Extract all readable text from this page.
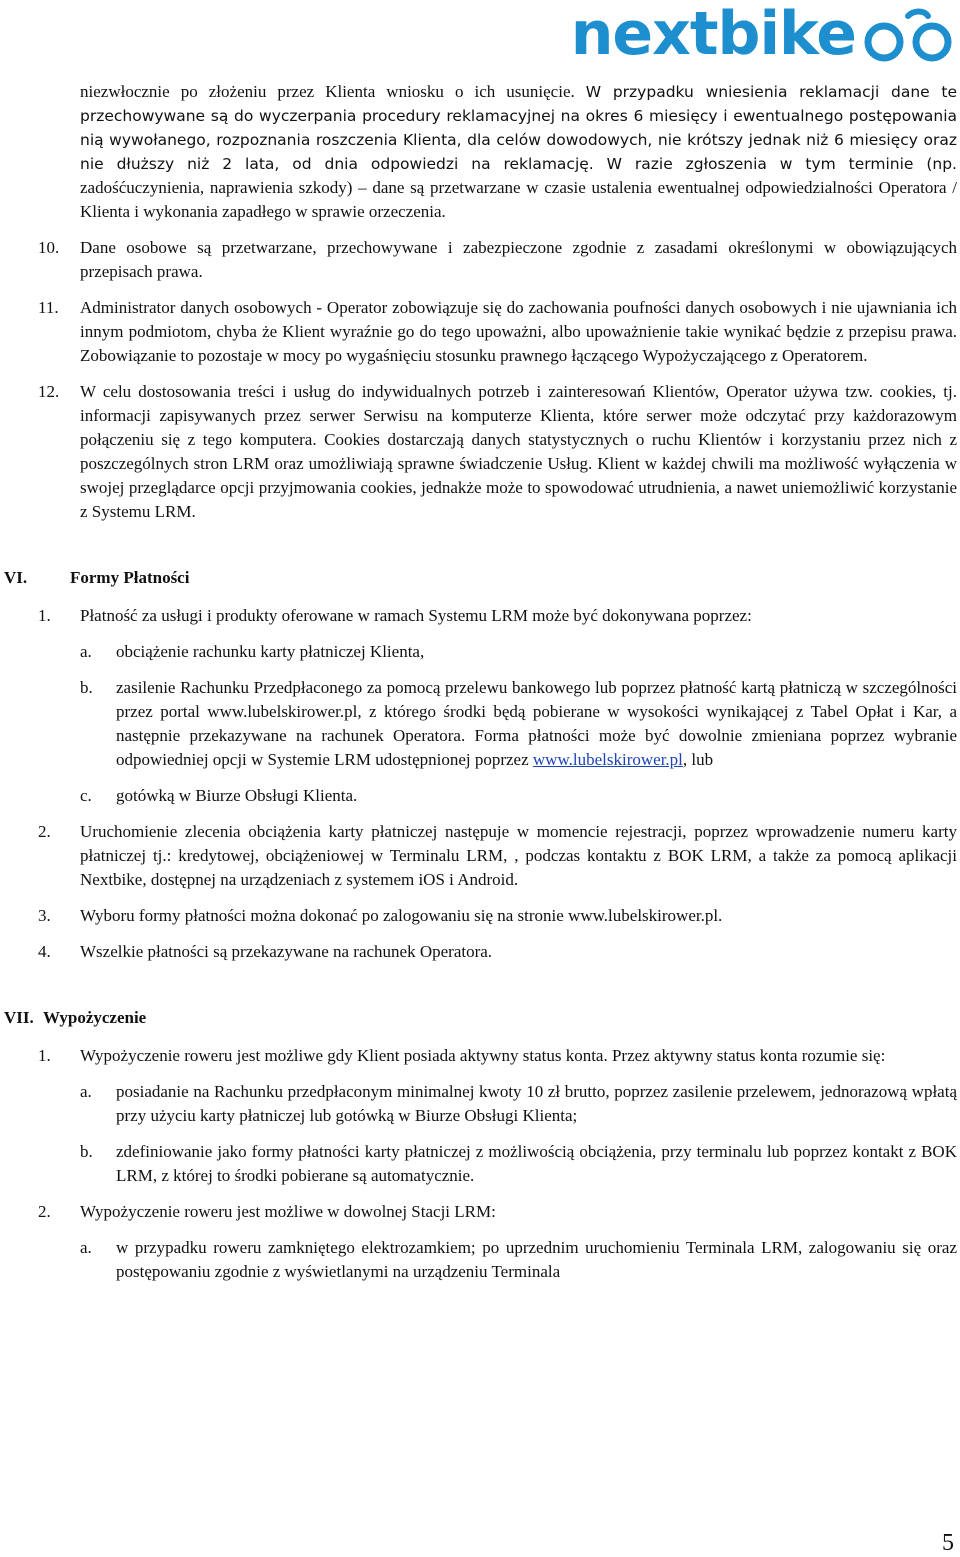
nextbike

niezwłocznie po złożeniu przez Klienta wniosku o ich usunięcie. W przypadku wniesienia reklamacji dane te przechowywane są do wyczerpania procedury reklamacyjnej na okres 6 miesięcy i ewentualnego postępowania nią wywołanego, rozpoznania roszczenia Klienta, dla celów dowodowych, nie krótszy jednak niż 6 miesięcy oraz nie dłuższy niż 2 lata, od dnia odpowiedzi na reklamację. W razie zgłoszenia w tym terminie (np. zadośćuczynienia, naprawienia szkody) – dane są przetwarzane w czasie ustalenia ewentualnej odpowiedzialności Operatora / Klienta i wykonania zapadłego w sprawie orzeczenia.

10.	Dane osobowe są przetwarzane, przechowywane i zabezpieczone zgodnie z zasadami określonymi w obowiązujących przepisach prawa.

11.	Administrator danych osobowych - Operator zobowiązuje się do zachowania poufności danych osobowych i nie ujawniania ich innym podmiotom, chyba że Klient wyraźnie go do tego upoważni, albo upoważnienie takie wynikać będzie z przepisu prawa. Zobowiązanie to pozostaje w mocy po wygaśnięciu stosunku prawnego łączącego Wypożyczającego z Operatorem.

12.	W celu dostosowania treści i usług do indywidualnych potrzeb i zainteresowań Klientów, Operator używa tzw. cookies, tj. informacji zapisywanych przez serwer Serwisu na komputerze Klienta, które serwer może odczytać przy każdorazowym połączeniu się z tego komputera. Cookies dostarczają danych statystycznych o ruchu Klientów i korzystaniu przez nich z poszczególnych stron LRM oraz umożliwiają sprawne świadczenie Usług. Klient w każdej chwili ma możliwość wyłączenia w swojej przeglądarce opcji przyjmowania cookies, jednakże może to spowodować utrudnienia, a nawet uniemożliwić korzystanie z Systemu LRM.

VI.	Formy Płatności
1.	Płatność za usługi i produkty oferowane w ramach Systemu LRM może być dokonywana poprzez:

a. obciążenie rachunku karty płatniczej Klienta,

b. zasilenie Rachunku Przedpłaconego za pomocą przelewu bankowego lub poprzez płatność kartą płatniczą w szczególności przez portal www.lubelskirower.pl, z którego środki będą pobierane w wysokości wynikającej z Tabel Opłat i Kar, a następnie przekazywane na rachunek Operatora. Forma płatności może być dowolnie zmieniana poprzez wybranie odpowiedniej opcji w Systemie LRM udostępnionej poprzez www.lubelskirower.pl, lub

c. gotówką w Biurze Obsługi Klienta.

2.	Uruchomienie zlecenia obciążenia karty płatniczej następuje w momencie rejestracji, poprzez wprowadzenie numeru karty płatniczej tj.: kredytowej, obciążeniowej w Terminalu LRM, , podczas kontaktu z BOK LRM, a także za pomocą aplikacji Nextbike, dostępnej na urządzeniach z systemem iOS i Android.

3.	Wyboru formy płatności można dokonać po zalogowaniu się na stronie www.lubelskirower.pl.

4.	Wszelkie płatności są przekazywane na rachunek Operatora.

VII. Wypożyczenie
1.	Wypożyczenie roweru jest możliwe gdy Klient posiada aktywny status konta. Przez aktywny status konta rozumie się:

a. posiadanie na Rachunku przedpłaconym minimalnej kwoty 10 zł brutto, poprzez zasilenie przelewem, jednorazową wpłatą przy użyciu karty płatniczej lub gotówką w Biurze Obsługi Klienta;

b. zdefiniowanie jako formy płatności karty płatniczej z możliwością obciążenia, przy terminalu lub poprzez kontakt z BOK LRM, z której to środki pobierane są automatycznie.

2.	Wypożyczenie roweru jest możliwe w dowolnej Stacji LRM:

a. w przypadku roweru zamkniętego elektrozamkiem; po uprzednim uruchomieniu Terminala LRM, zalogowaniu się oraz postępowaniu zgodnie z wyświetlanymi na urządzeniu Terminala

5
